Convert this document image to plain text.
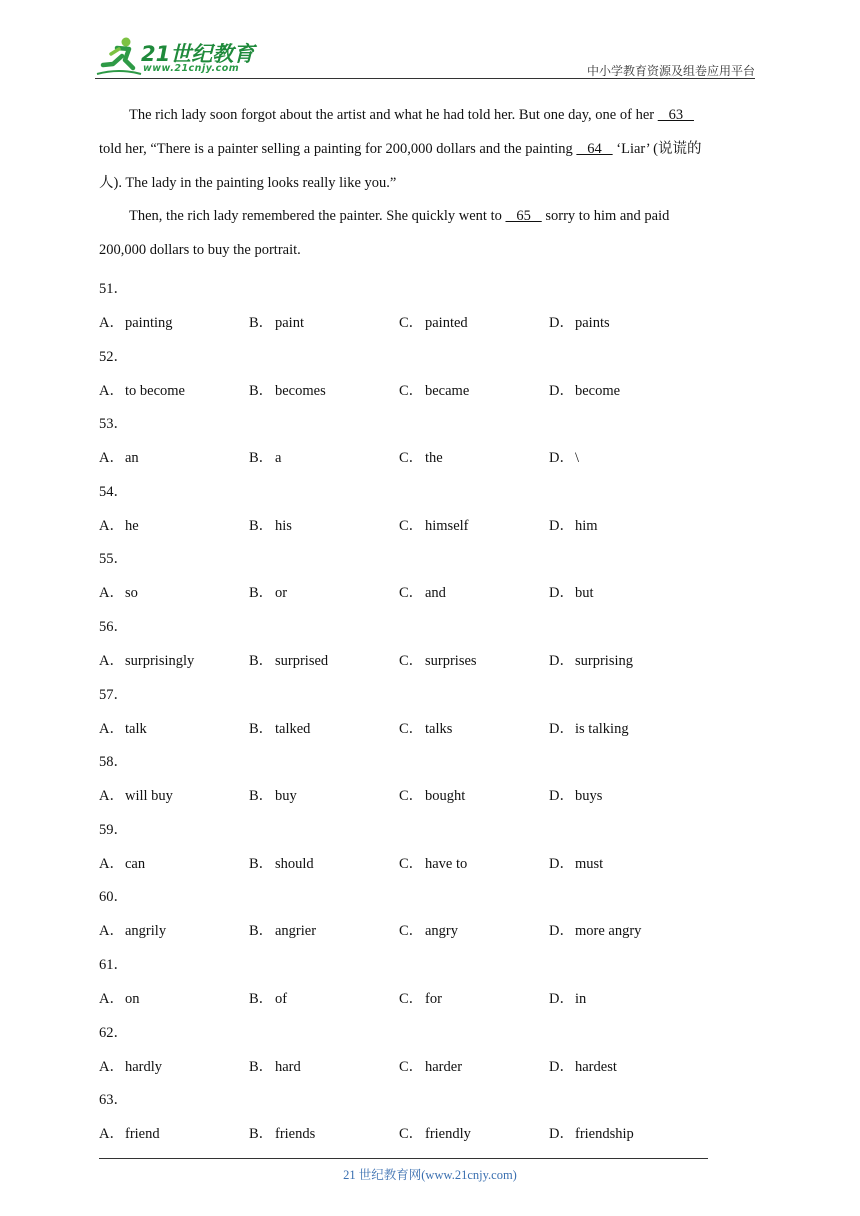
21世纪教育
www.21cnjy.com	中小学教育资源及组卷应用平台
The rich lady soon forgot about the artist and what he had told her. But one day, one of her    63
told her, “There is a painter selling a painting for 200,000 dollars and the painting    64    ‘Liar’ (说谎的
人). The lady in the painting looks really like you.”
Then, the rich lady remembered the painter. She quickly went to    65    sorry to him and paid
200,000 dollars to buy the portrait.
51．
A．painting	B． paint	C． painted	D．paints
52．
A．to become	B． becomes	C． became	D．become
53．
A．an	B． a	C． the	D．\
54．
A．he	B． his	C． himself	D．him
55．
A．so	B． or	C． and	D．but
56．
A．surprisingly	B． surprised	C． surprises	D．surprising
57．
A．talk	B． talked	C． talks	D．is talking
58．
A．will buy	B． buy	C． bought	D．buys
59．
A．can	B． should	C． have to	D．must
60．
A．angrily	B． angrier	C． angry	D．more angry
61．
A．on	B． of	C． for	D．in
62．
A．hardly	B． hard	C． harder	D．hardest
63．
A．friend	B． friends	C． friendly	D．friendship
21 世纪教育网(www.21cnjy.com)
